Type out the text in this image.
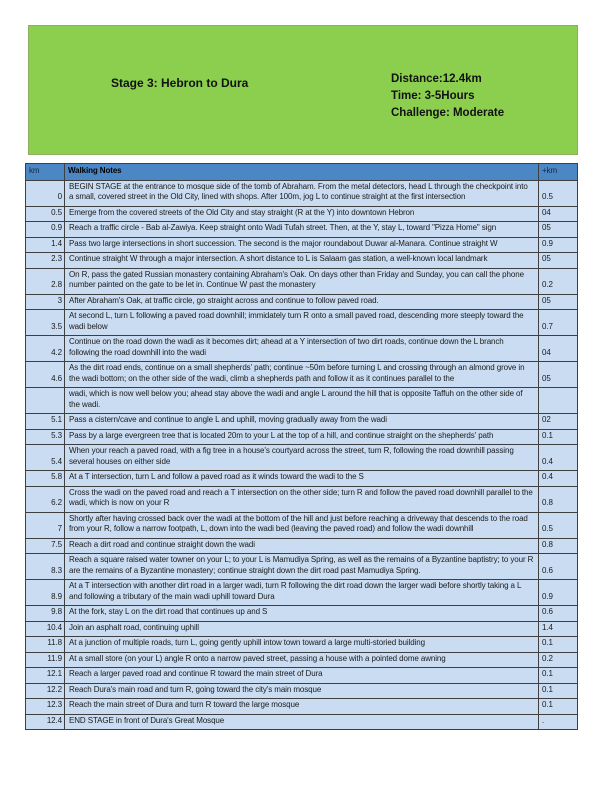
Stage 3: Hebron to Dura	Distance:12.4km
Time: 3-5Hours
Challenge: Moderate
km	Walking Notes	+km
0	BEGIN STAGE at the entrance to mosque side of the tomb of Abraham. From the metal detectors, head L through the checkpoint into a small, covered street in the Old City, lined with shops. After 100m, jog L to continue straight at the first intersection	0.5
0.5	Emerge from the covered streets of the Old City and stay straight (R at the Y) into downtown Hebron	04
0.9	Reach a traffic circle - Bab al-Zawiya. Keep straight onto Wadi Tufah street. Then, at the Y, stay L, toward "Pizza Home" sign	05
1.4	Pass two large intersections in short succession. The second is the major roundabout Duwar al-Manara. Continue straight W	0.9
2.3	Continue straight W through a major intersection. A short distance to L is Salaam gas station, a well-known local landmark	05
2.8	On R, pass the gated Russian monastery containing Abraham's Oak. On days other than Friday and Sunday, you can call the phone number painted on the gate to be let in. Continue W past the monastery	0.2
3	After Abraham's Oak, at traffic circle, go straight across and continue to follow paved road.	05
3.5	At second L, turn L following a paved road downhill; immidately turn R onto a small paved road, descending more steeply toward the wadi below	0.7
4.2	Continue on the road down the wadi as it becomes dirt; ahead at a Y intersection of two dirt roads, continue down the L branch following the road downhill into the wadi	04
4.6	As the dirt road ends, continue on a small shepherds' path; continue ~50m before turning L and crossing through an almond grove in the wadi bottom; on the other side of the wadi, climb a shepherds path and follow it as it continues parallel to the	05
	wadi, which is now well below you; ahead stay above the wadi and angle L around the hill that is opposite Taffuh on the other side of the wadi.	
5.1	Pass a cistern/cave and continue to angle L and uphill, moving gradually away from the wadi	02
5.3	Pass by a large evergreen tree that is located 20m to your L at the top of a hill, and continue straight on the shepherds' path	0.1
5.4	When your reach a paved road, with a fig tree in a house's courtyard across the street, turn R, following the road downhill passing several houses on either side	0.4
5.8	At a T intersection, turn L and follow a paved road as it winds toward the wadi to the S	0.4
6.2	Cross the wadi on the paved road and reach a T intersection on the other side; turn R and follow the paved road downhill parallel to the wadi, which is now on your R	0.8
7	Shortly after having crossed back over the wadi at the bottom of the hill and just before reaching a driveway that descends to the road from your R, follow a narrow footpath, L, down into the wadi bed (leaving the paved road) and follow the wadi downhill	0.5
7.5	Reach a dirt road and continue straight down the wadi	0.8
8.3	Reach a square raised water towner on your L; to your L is Mamudiya Spring, as well as the remains of a Byzantine baptistry; to your R are the remains of a Byzantine monastery; continue straight down the dirt road past Mamudiya Spring.	0.6
8.9	At a T intersection with another dirt road in a larger wadi, turn R following the dirt road down the larger wadi before shortly taking a L and following a tributary of the main wadi uphill toward Dura	0.9
9.8	At the fork, stay L on the dirt road that continues up and S	0.6
10.4	Join an asphalt road, continuing uphill	1.4
11.8	At a junction of multiple roads, turn L, going gently uphill intow town toward a large multi-storied building	0.1
11.9	At a small store (on your L) angle R onto a narrow paved street, passing a house with a pointed dome awning	0.2
12.1	Reach a larger paved road and continue R toward the main street of Dura	0.1
12.2	Reach Dura's main road and turn R, going toward the city's main mosque	0.1
12.3	Reach the main street of Dura and turn R toward the large mosque	0.1
12.4	END STAGE in front of Dura's Great Mosque	.
